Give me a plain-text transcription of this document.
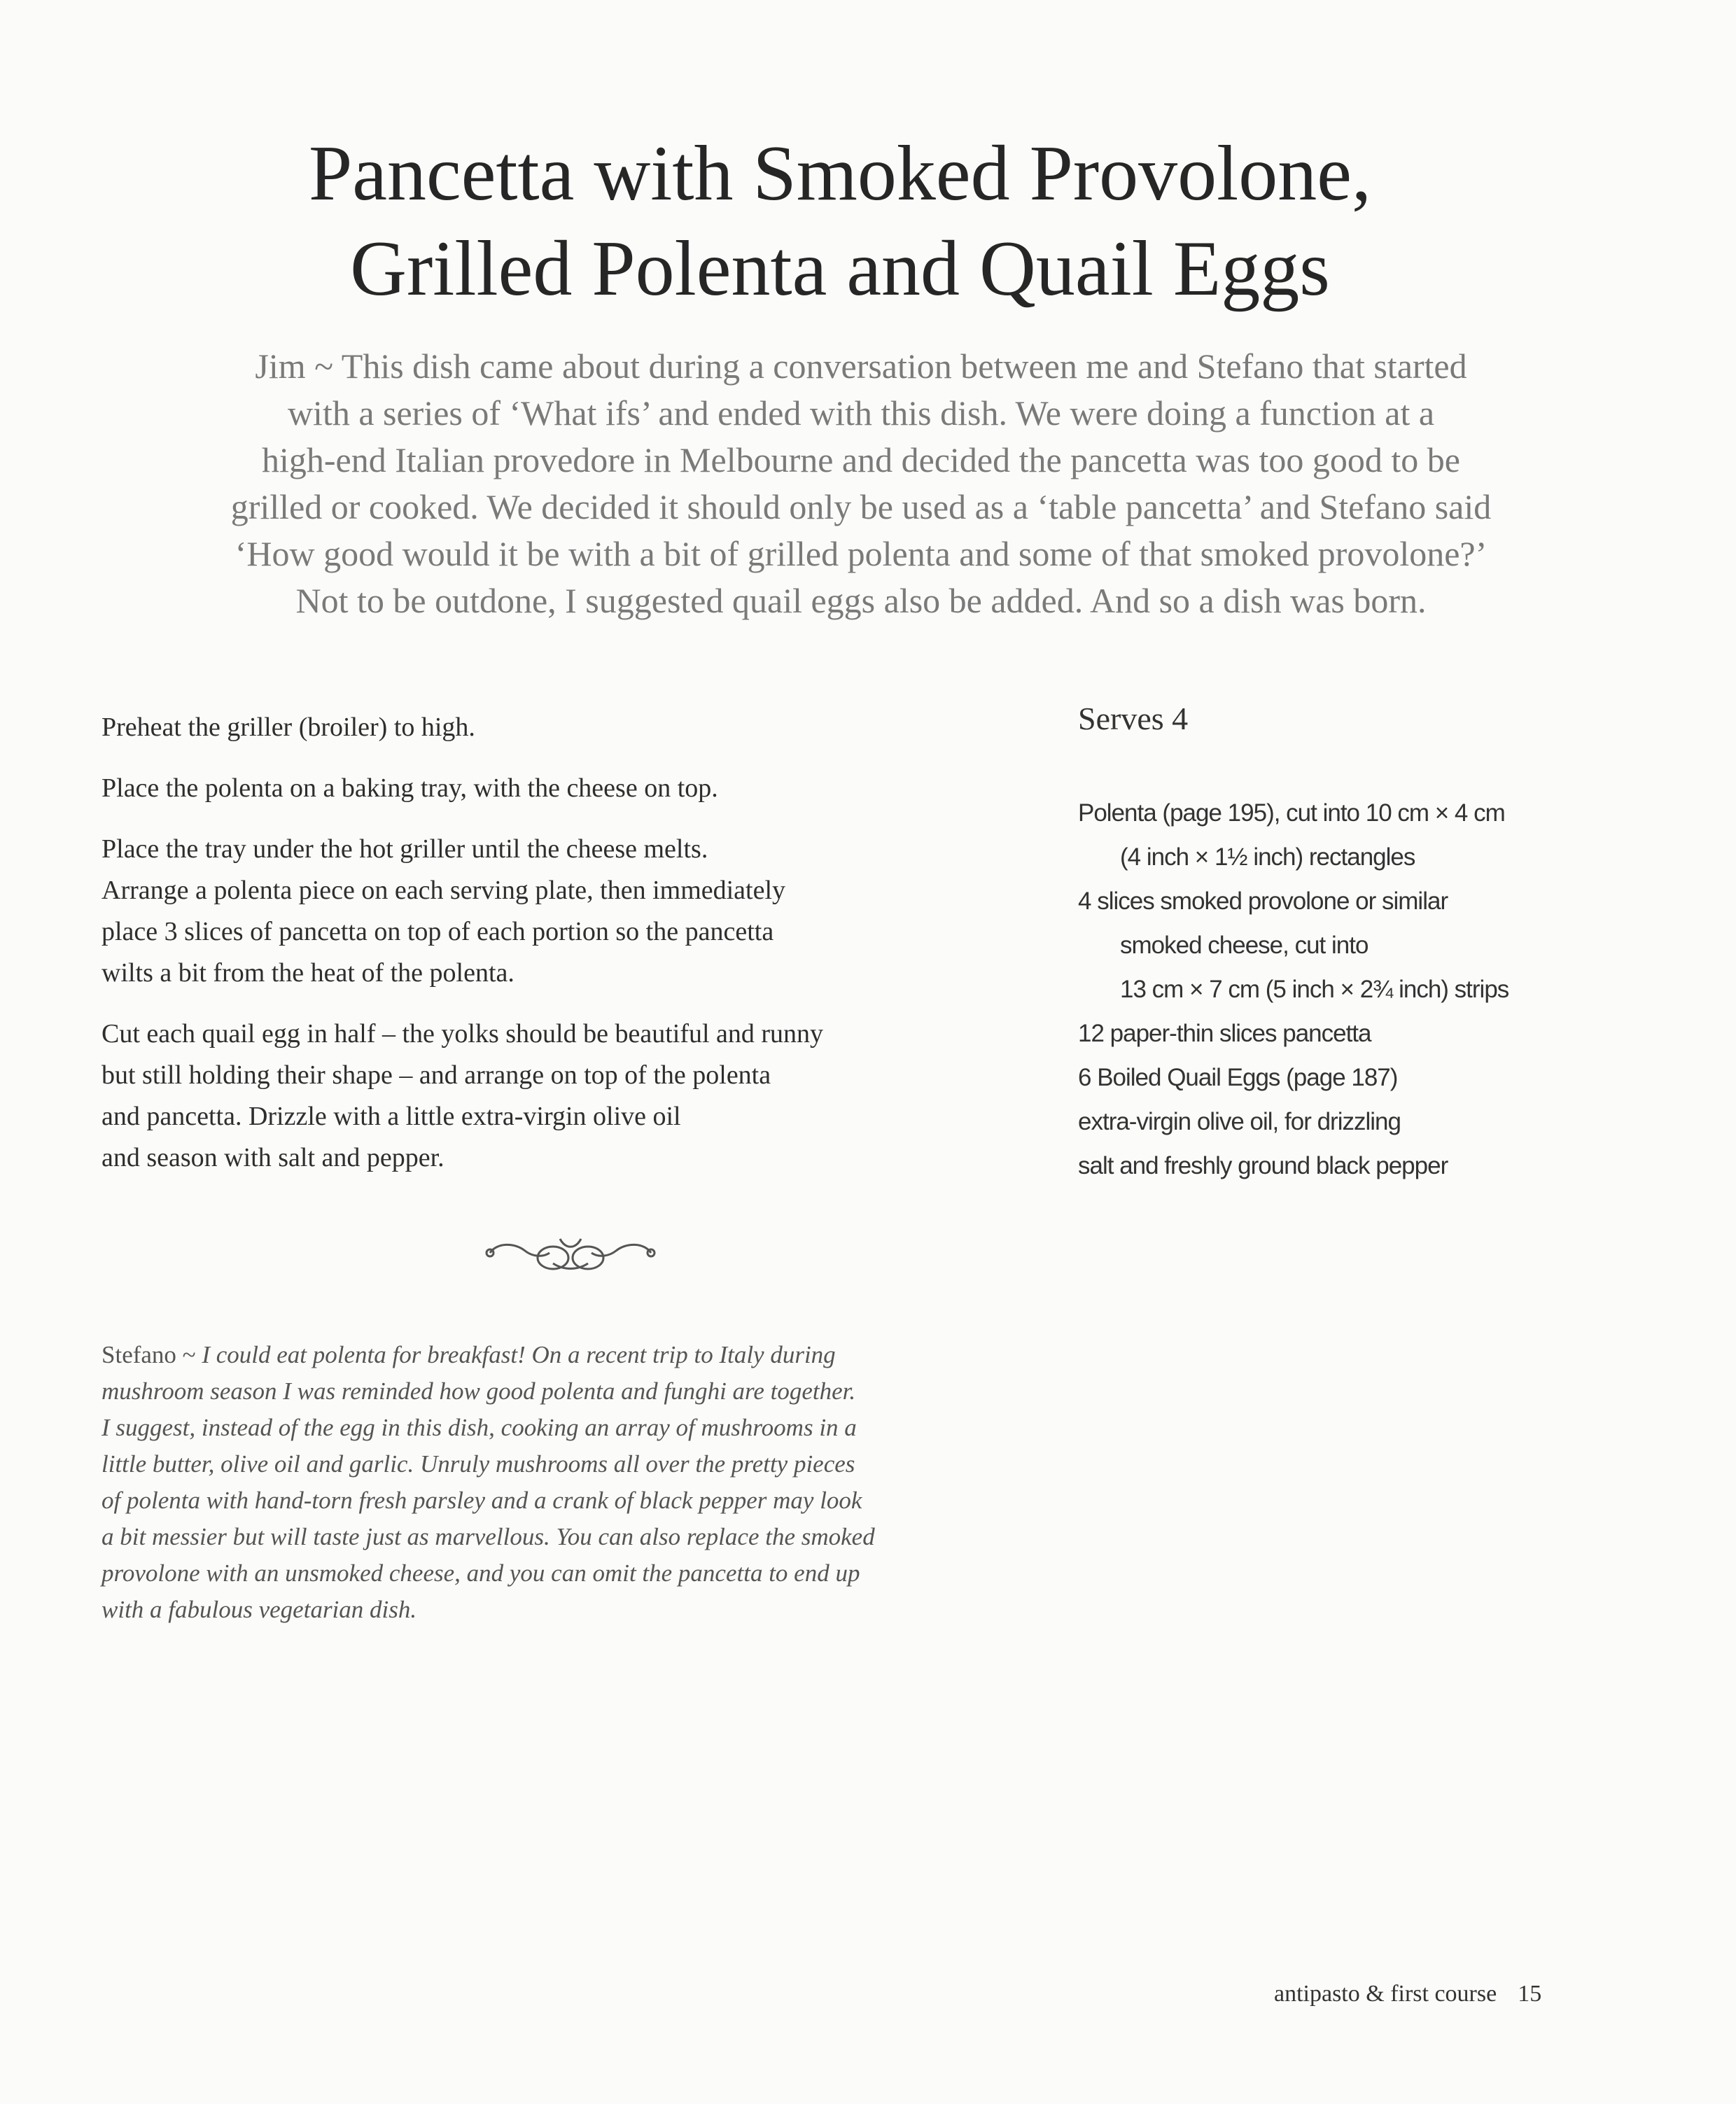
Pancetta with Smoked Provolone,
Grilled Polenta and Quail Eggs
Jim ~ This dish came about during a conversation between me and Stefano that started
with a series of ‘What ifs’ and ended with this dish. We were doing a function at a
high-end Italian provedore in Melbourne and decided the pancetta was too good to be
grilled or cooked. We decided it should only be used as a ‘table pancetta’ and Stefano said
‘How good would it be with a bit of grilled polenta and some of that smoked provolone?’
Not to be outdone, I suggested quail eggs also be added. And so a dish was born.

Preheat the griller (broiler) to high.

Place the polenta on a baking tray, with the cheese on top.

Place the tray under the hot griller until the cheese melts.
Arrange a polenta piece on each serving plate, then immediately
place 3 slices of pancetta on top of each portion so the pancetta
wilts a bit from the heat of the polenta.

Cut each quail egg in half – the yolks should be beautiful and runny
but still holding their shape – and arrange on top of the polenta
and pancetta. Drizzle with a little extra-virgin olive oil
and season with salt and pepper.

Serves 4
Polenta (page 195), cut into 10 cm × 4 cm
(4 inch × 1½ inch) rectangles
4 slices smoked provolone or similar
smoked cheese, cut into
13 cm × 7 cm (5 inch × 2¾ inch) strips
12 paper-thin slices pancetta
6 Boiled Quail Eggs (page 187)
extra-virgin olive oil, for drizzling
salt and freshly ground black pepper
Stefano ~ I could eat polenta for breakfast! On a recent trip to Italy during
mushroom season I was reminded how good polenta and funghi are together.
I suggest, instead of the egg in this dish, cooking an array of mushrooms in a
little butter, olive oil and garlic. Unruly mushrooms all over the pretty pieces
of polenta with hand-torn fresh parsley and a crank of black pepper may look
a bit messier but will taste just as marvellous. You can also replace the smoked
provolone with an unsmoked cheese, and you can omit the pancetta to end up
with a fabulous vegetarian dish.
antipasto & first course 15
